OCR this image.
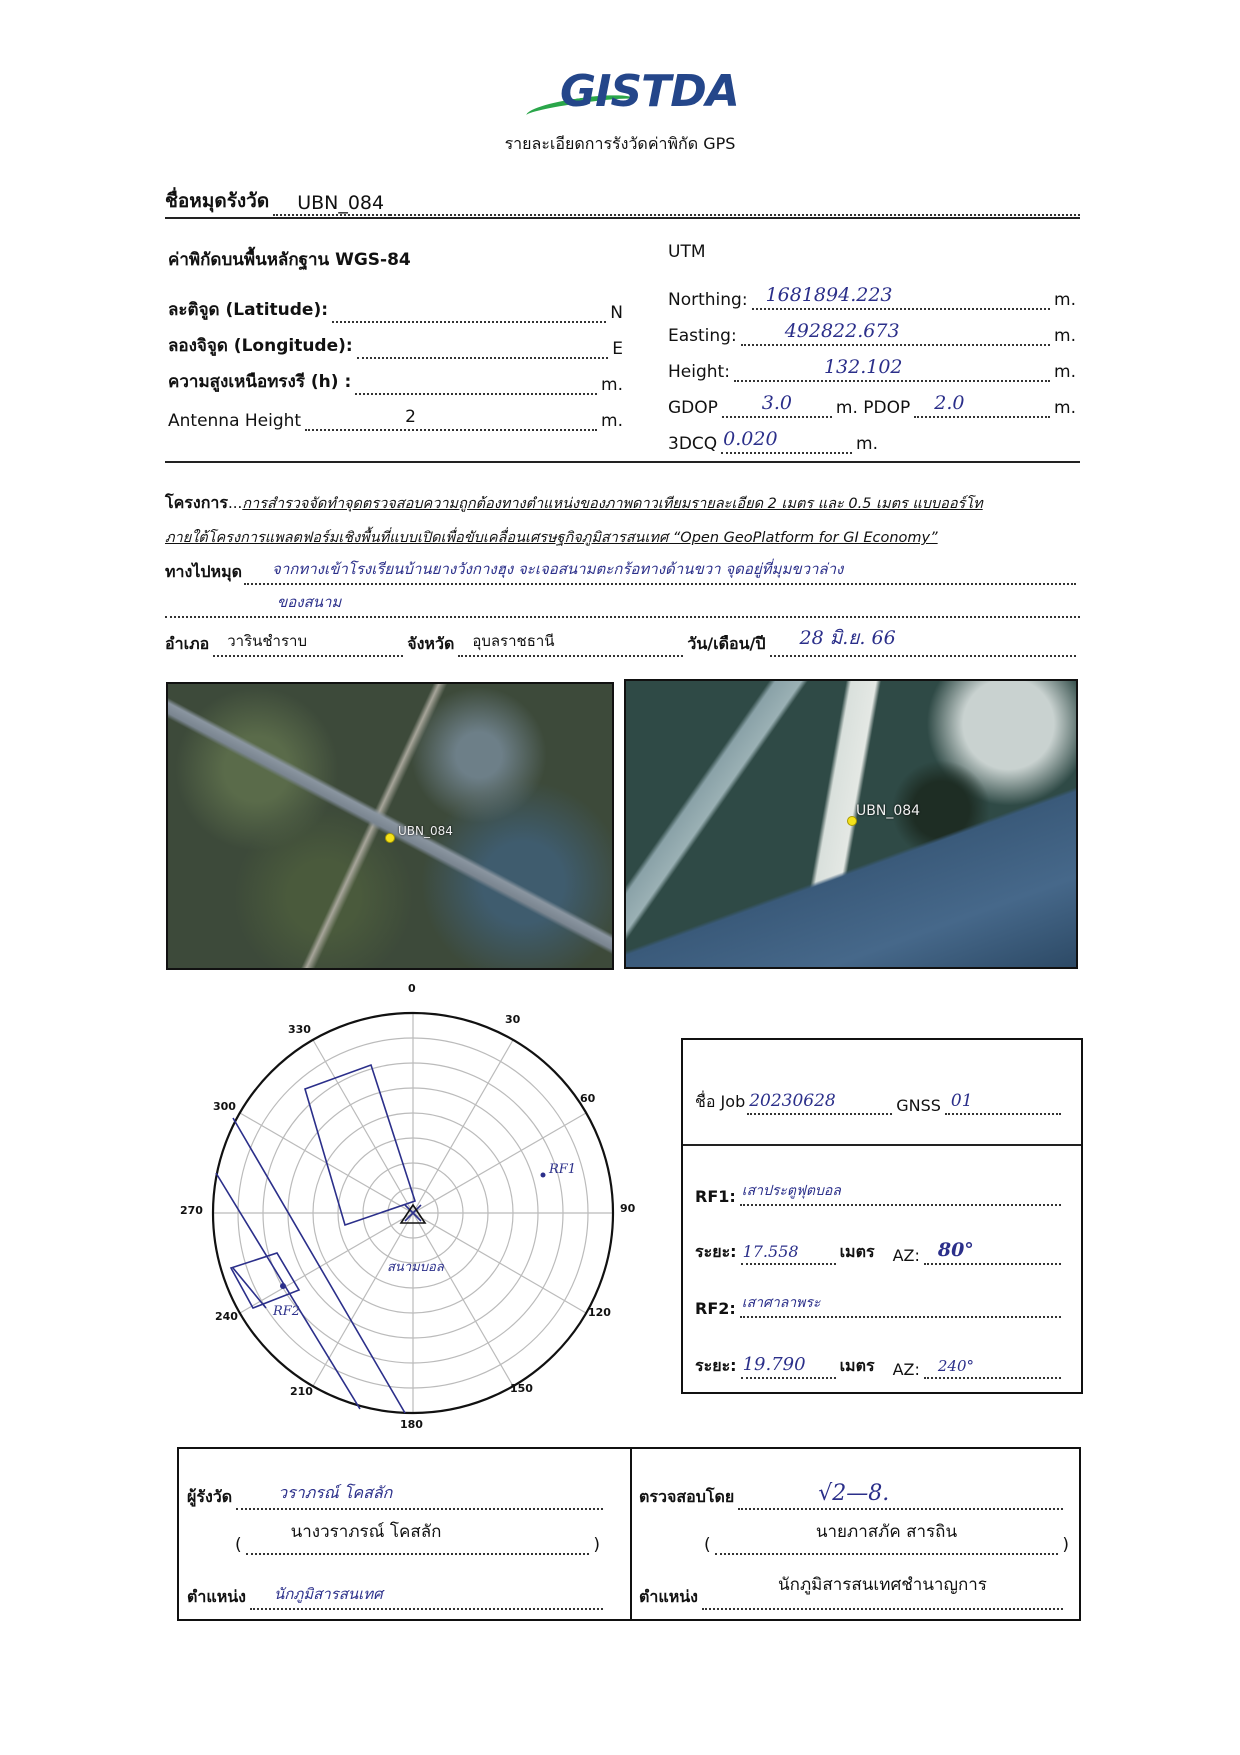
GISTDA
รายละเอียดการรังวัดค่าพิกัด GPS
ชื่อหมุดรังวัด	UBN_084
ค่าพิกัดบนพื้นหลักฐาน WGS-84
ละติจูด (Latitude):	N
ลองจิจูด (Longitude):	E
ความสูงเหนือทรงรี (h) :	m.
Antenna Height	2	m.
UTM
Northing: 1681894.223	m.
Easting:	492822.673	m.
Height:	132.102	m.
GDOP	3.0	m. PDOP 2.0	m.
3DCQ 0.020	m.
โครงการ...การสำรวจจัดทำจุดตรวจสอบความถูกต้องทางตำแหน่งของภาพดาวเทียมรายละเอียด 2 เมตร และ 0.5 เมตร แบบออร์โท
ภายใต้โครงการแพลตฟอร์มเชิงพื้นที่แบบเปิดเพื่อขับเคลื่อนเศรษฐกิจภูมิสารสนเทศ “Open GeoPlatform for GI Economy”
ทางไปหมุด จากทางเข้าโรงเรียนบ้านยางวังกางฮุง จะเจอสนามตะกร้อทางด้านขวา จุดอยู่ที่มุมขวาล่าง
ของสนาม
อำเภอ วารินชำราบ	จังหวัด อุบลราชธานี	วัน/เดือน/ปี 28 มิ.ย. 66
UBN_084
UBN_084
RF1
RF2
สนามบอล
0
30
60
90
120
150
180
210
240
270
300
330
ชื่อ Job 20230628	GNSS 01
RF1: เสาประตูฟุตบอล
ระยะ: 17.558	เมตร AZ: 80°
RF2: เสาศาลาพระ
ระยะ: 19.790	เมตร AZ: 240°
ผู้รังวัด	วราภรณ์ โคสลัก
(
นางวราภรณ์ โคสลัก
)
ตำแหน่ง นักภูมิสารสนเทศ
ตรวจสอบโดย	√2—8.
(
นายภาสภัค สารถิน
)
ตำแหน่ง
นักภูมิสารสนเทศชำนาญการ
